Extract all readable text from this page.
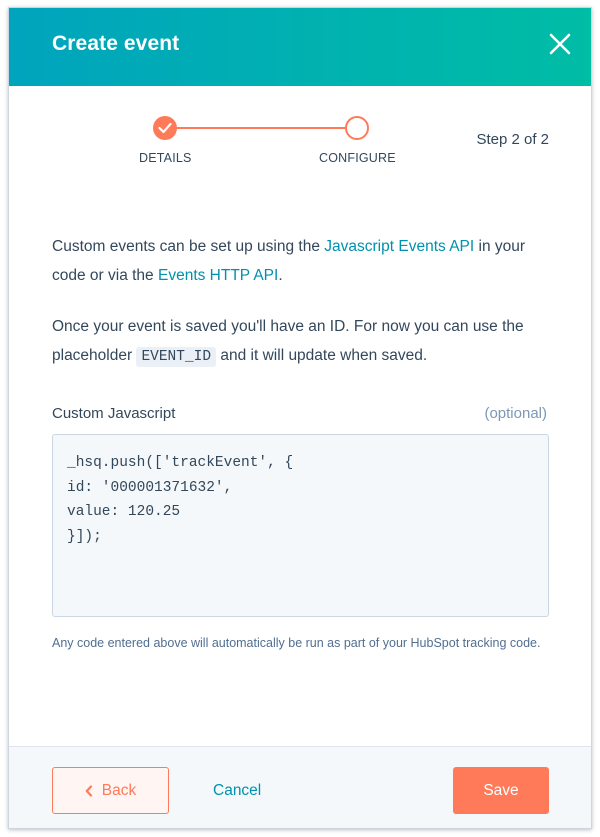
Create event
DETAILS	CONFIGURE
Step 2 of 2

Custom events can be set up using the Javascript Events API in your code or via the Events HTTP API.

Once your event is saved you'll have an ID. For now you can use the placeholder EVENT_ID and it will update when saved.

Custom Javascript	(optional)
_hsq.push(['trackEvent', {
id: '000001371632',
value: 120.25
}]);
Any code entered above will automatically be run as part of your HubSpot tracking code.
Back	Cancel	Save
